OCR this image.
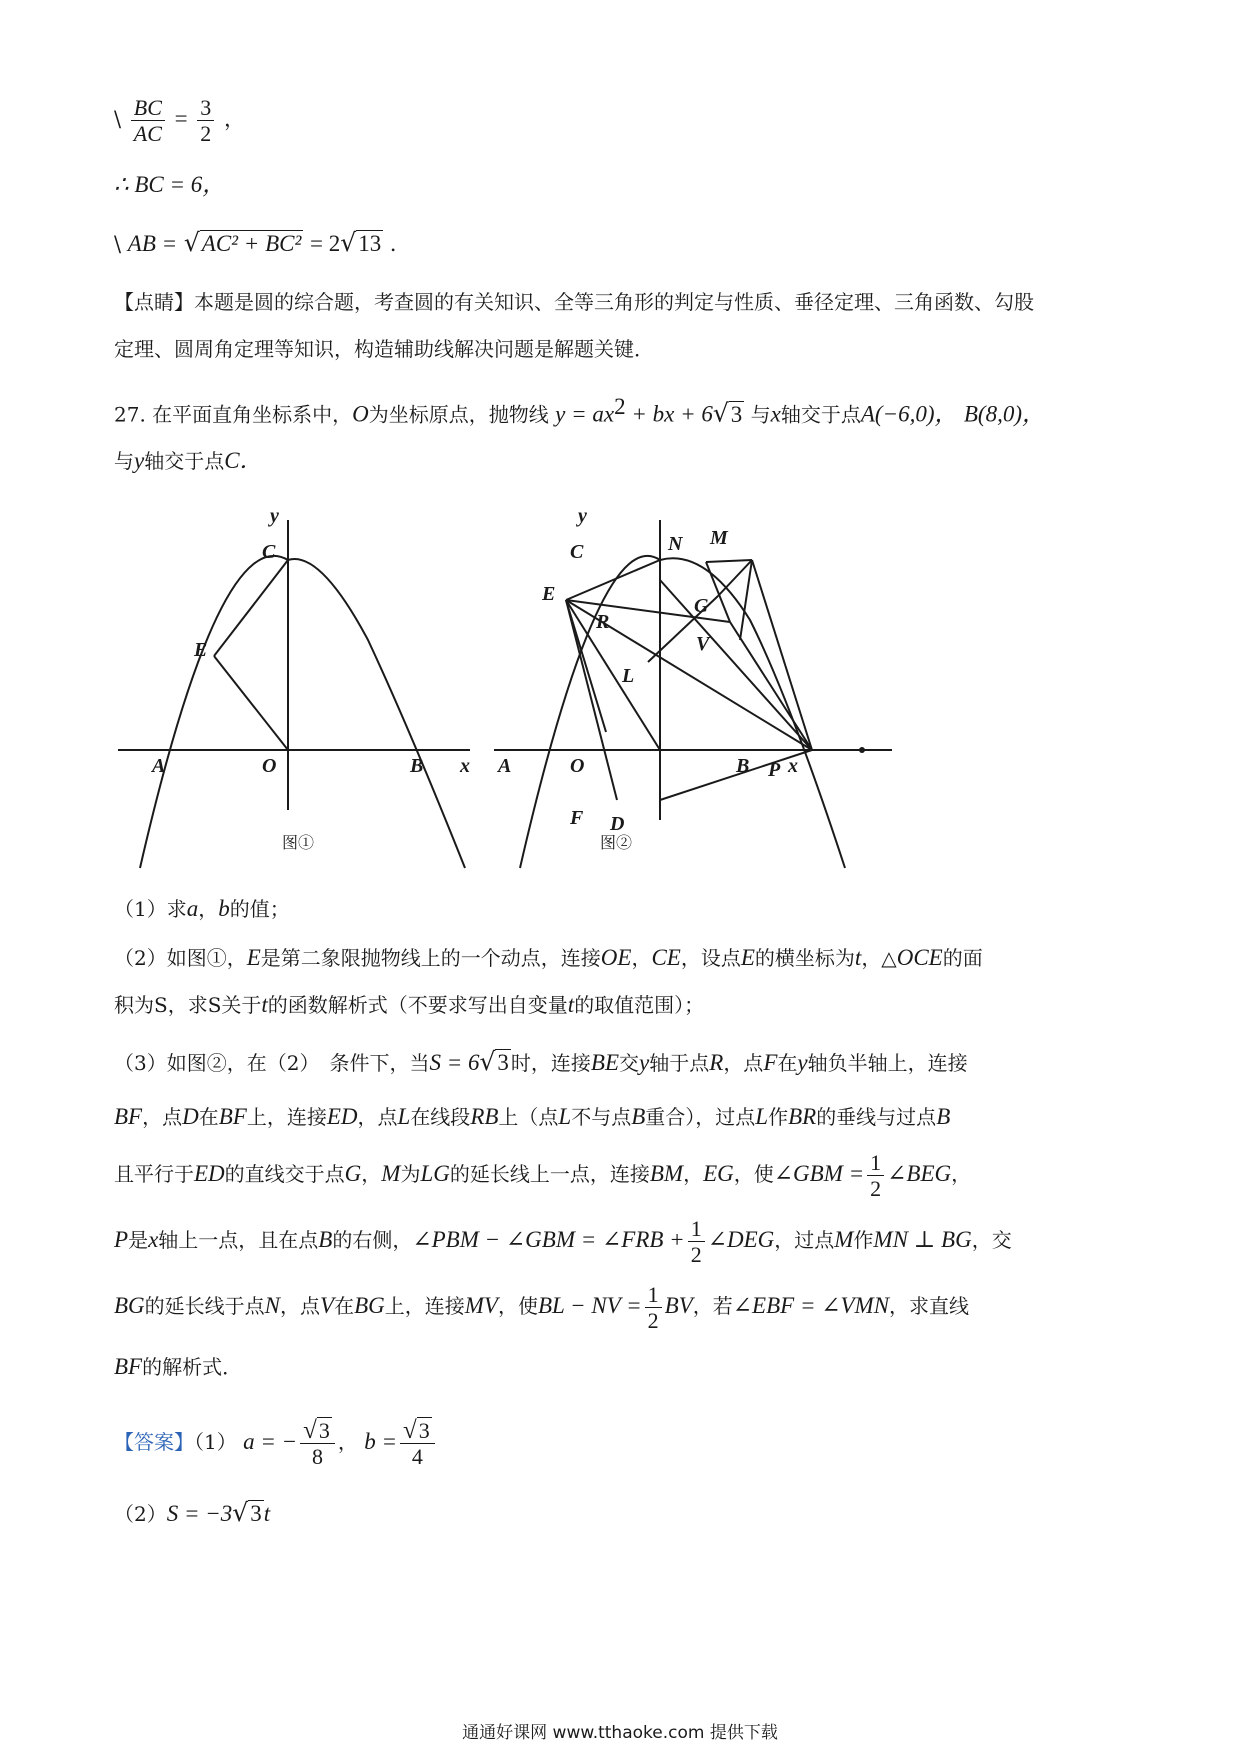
\ $\frac{BC}{AC} = \frac{3}{2}$ ，
∴ BC = 6，
\ AB = √AC² + BC² = 2√13 ．
【点睛】本题是圆的综合题，考查圆的有关知识、全等三角形的判定与性质、垂径定理、三角函数、勾股
定理、圆周角定理等知识，构造辅助线解决问题是解题关键．
27. 在平面直角坐标系中，O为坐标原点，抛物线 $y = ax^2$ + bx + 6√3 与x轴交于点A(−6,0)， B(8,0)，
与y轴交于点C．
y
C
E
A	O	B x
图①
y
C	N M
E
R
G
V
L
A	O	B P x
F D
图②
（1）求a，b的值；
（2）如图①，E是第二象限抛物线上的一个动点，连接OE，CE，设点E的横坐标为t，△OCE的面
积为S，求S关于t的函数解析式（不要求写出自变量t的取值范围）；
（3）如图②，在（2）　条件下，当S = 6√3 时，连接BE交y轴于点R，点F在y轴负半轴上，连接
BF，点D在BF上，连接ED，点L在线段RB上（点L不与点B重合），过点L作BR的垂线与过点B
且平行于ED的直线交于点G，M为LG的延长线上一点，连接BM，EG，使∠GBM = $\frac{1}{2}$ ∠BEG，
P是x轴上一点，且在点B的右侧，∠PBM − ∠GBM = ∠FRB + $\frac{1}{2}$ ∠DEG，过点M作MN ⊥ BG，交
BG的延长线于点N，点V在BG上，连接MV，使BL − NV = $\frac{1}{2}$ BV，若∠EBF = ∠VMN，求直线
BF的解析式．
【答案】（1） a = − $\frac{√3}{8}$ ， $b = \frac{√3}{4}$
（2）S = −3√3t
通通好课网 www.tthaoke.com 提供下载
